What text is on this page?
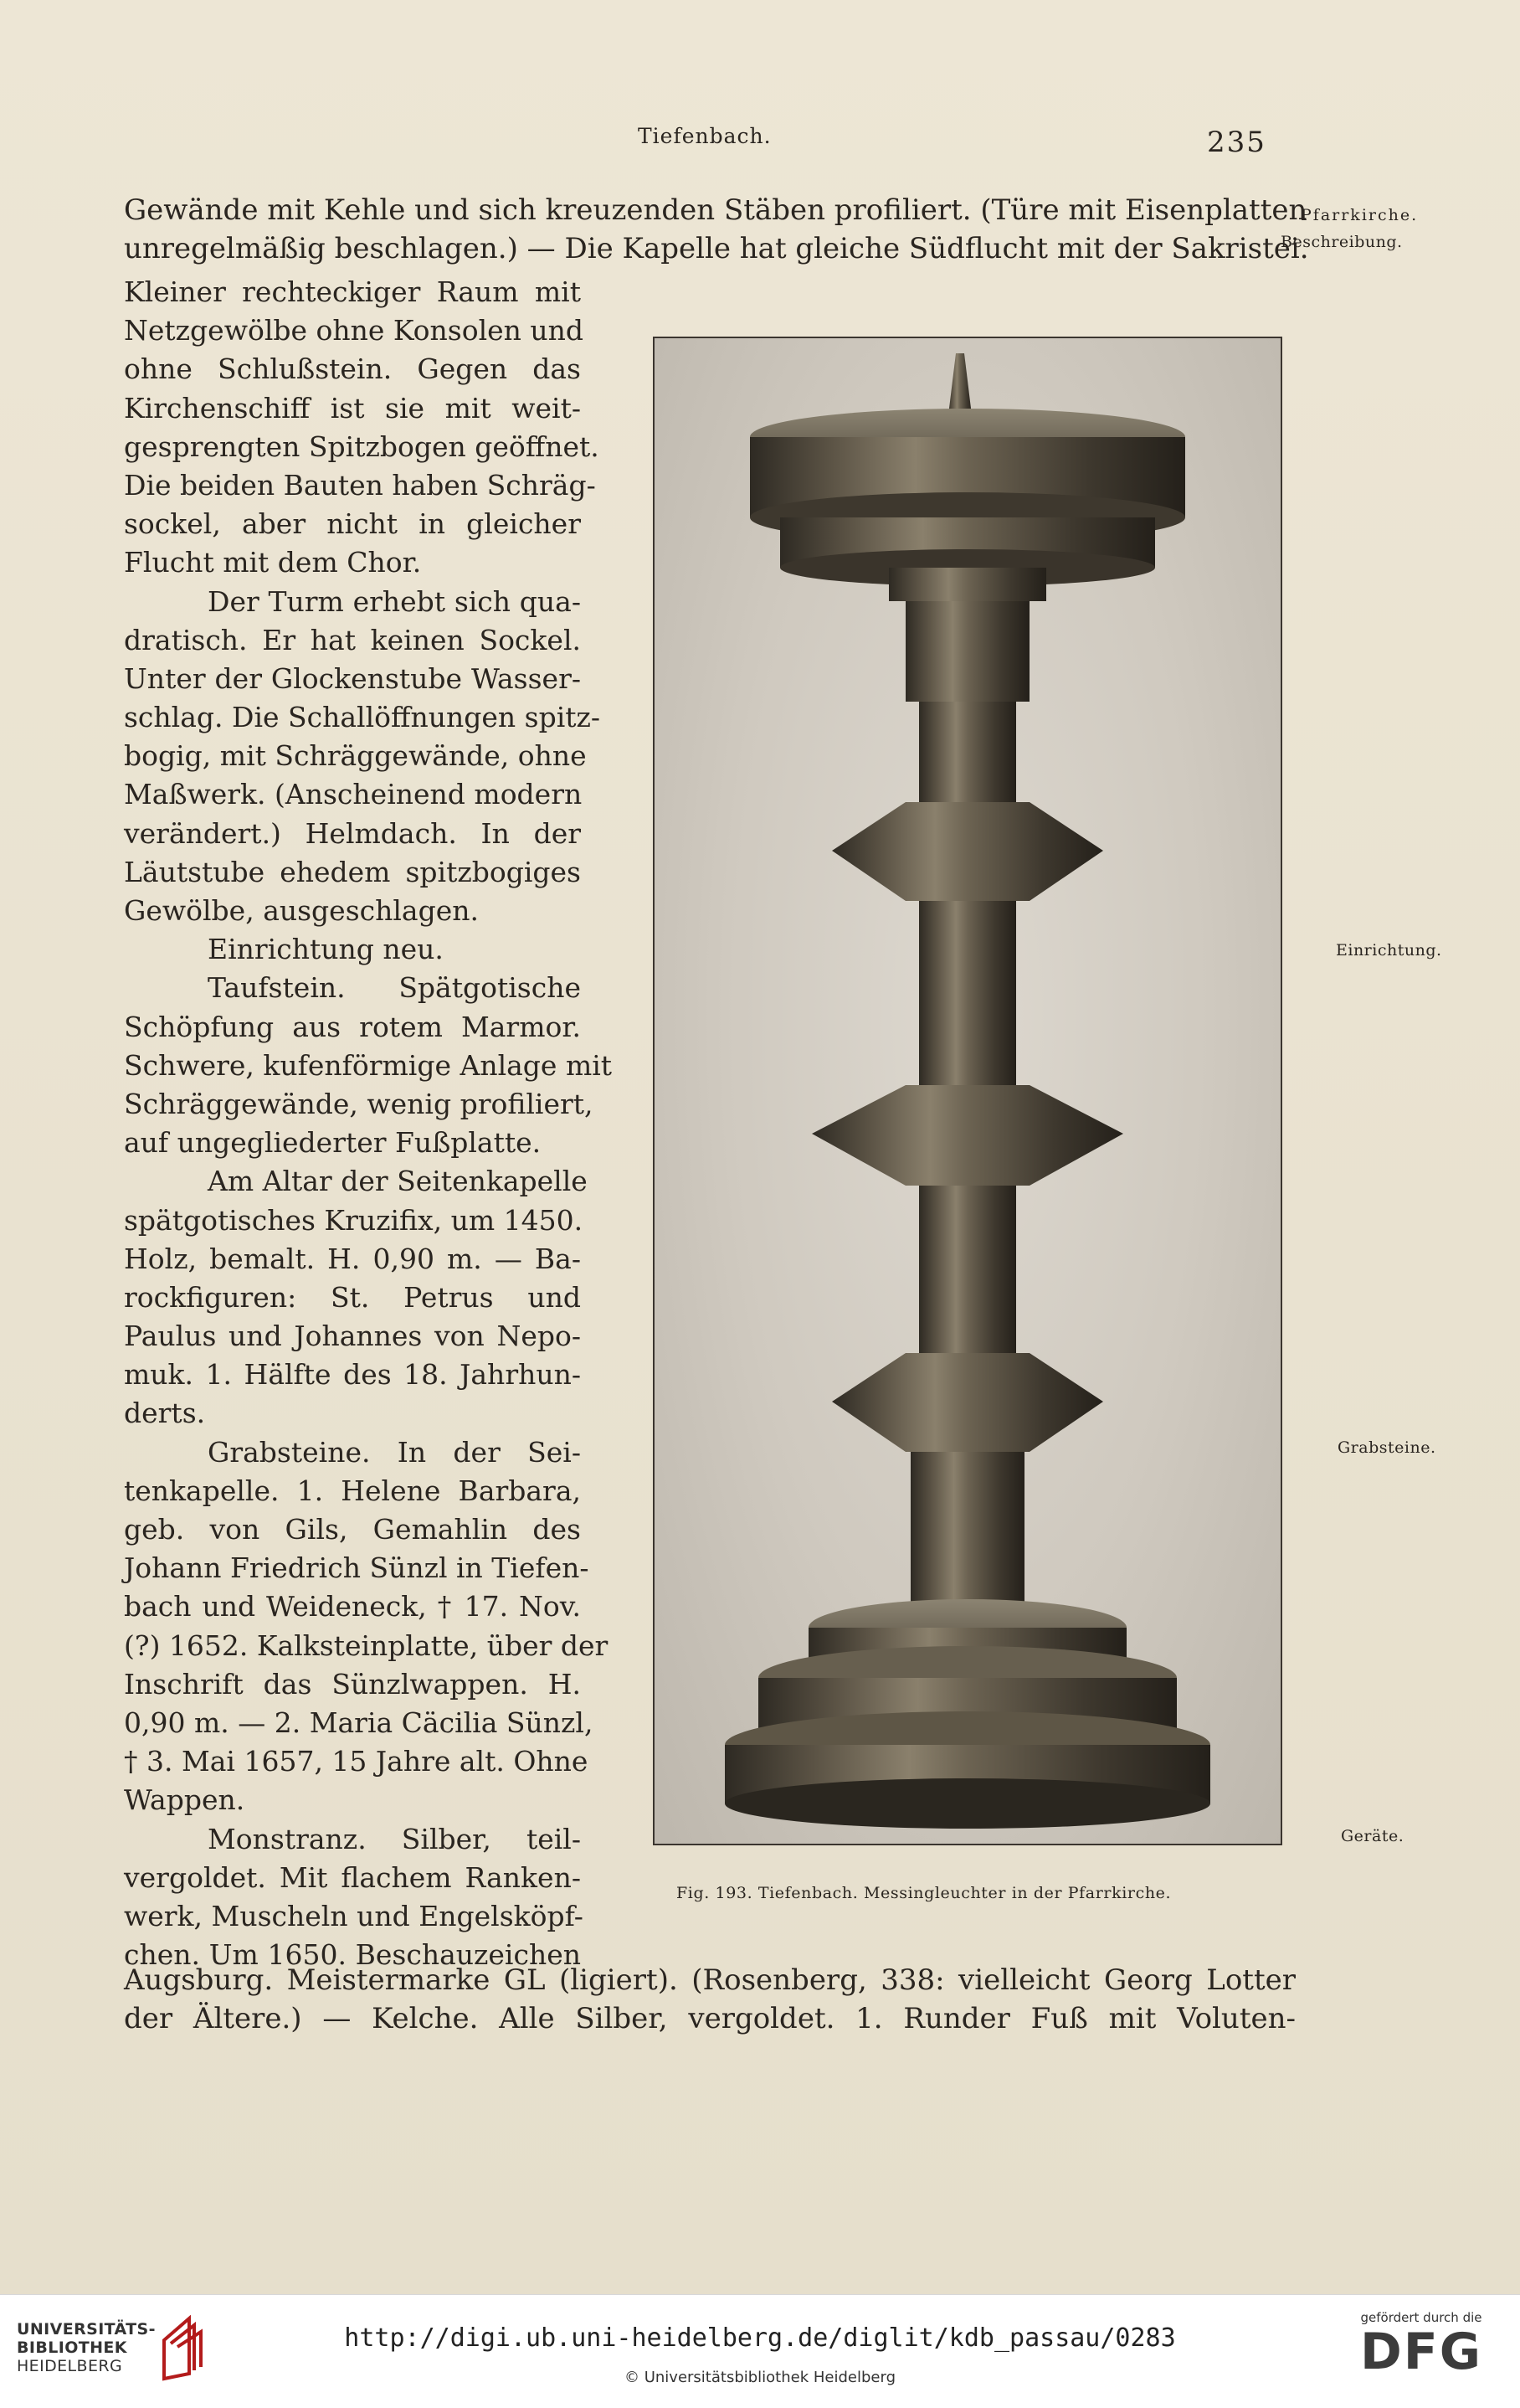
Tiefenbach.	235
Gewände mit Kehle und sich kreuzenden Stäben profiliert. (Türe mit Eisenplatten
unregelmäßig beschlagen.) — Die Kapelle hat gleiche Südflucht mit der Sakristei.
Kleiner rechteckiger Raum mit
Netzgewölbe ohne Konsolen und
ohne Schlußstein. Gegen das
Kirchenschiff ist sie mit weit-
gesprengten Spitzbogen geöffnet.
Die beiden Bauten haben Schräg-
sockel, aber nicht in gleicher
Flucht mit dem Chor.
Der Turm erhebt sich qua-
dratisch. Er hat keinen Sockel.
Unter der Glockenstube Wasser-
schlag. Die Schallöffnungen spitz-
bogig, mit Schräggewände, ohne
Maßwerk. (Anscheinend modern
verändert.) Helmdach. In der
Läutstube ehedem spitzbogiges
Gewölbe, ausgeschlagen.
Einrichtung neu.
Taufstein. Spätgotische
Schöpfung aus rotem Marmor.
Schwere, kufenförmige Anlage mit
Schräggewände, wenig profiliert,
auf ungegliederter Fußplatte.
Am Altar der Seitenkapelle
spätgotisches Kruzifix, um 1450.
Holz, bemalt. H. 0,90 m. — Ba-
rockfiguren: St. Petrus und
Paulus und Johannes von Nepo-
muk. 1. Hälfte des 18. Jahrhun-
derts.
Grabsteine. In der Sei-
tenkapelle. 1. Helene Barbara,
geb. von Gils, Gemahlin des
Johann Friedrich Sünzl in Tiefen-
bach und Weideneck, † 17. Nov.
(?) 1652. Kalksteinplatte, über der
Inschrift das Sünzlwappen. H.
0,90 m. — 2. Maria Cäcilia Sünzl,
† 3. Mai 1657, 15 Jahre alt. Ohne
Wappen.
Monstranz. Silber, teil-
vergoldet. Mit flachem Ranken-
werk, Muscheln und Engelsköpf-
chen. Um 1650. Beschauzeichen
Augsburg. Meistermarke GL (ligiert). (Rosenberg, 338: vielleicht Georg Lotter
der Ältere.) — Kelche. Alle Silber, vergoldet. 1. Runder Fuß mit Voluten-
Pfarrkirche.
Beschreibung.
Einrichtung.
Grabsteine.
Geräte.
Fig. 193. Tiefenbach. Messingleuchter in der Pfarrkirche.
UNIVERSITÄTS-
BIBLIOTHEK
HEIDELBERG
http://digi.ub.uni-heidelberg.de/diglit/kdb_passau/0283
© Universitätsbibliothek Heidelberg
gefördert durch die
DFG
